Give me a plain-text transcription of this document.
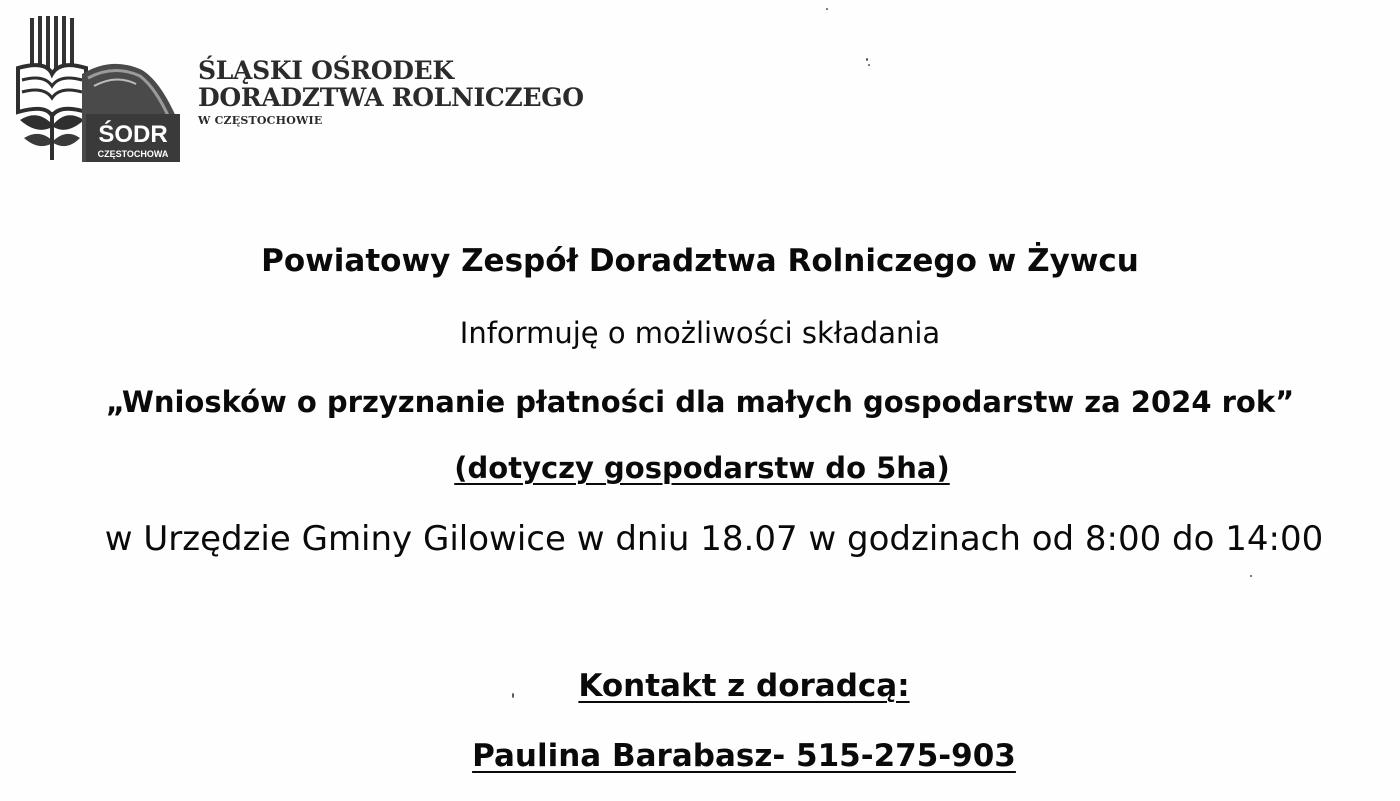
ŚODR
CZĘSTOCHOWA
ŚLĄSKI OŚRODEK
DORADZTWA ROLNICZEGO
W CZĘSTOCHOWIE
Powiatowy Zespół Doradztwa Rolniczego w Żywcu
Informuję o możliwości składania
„Wniosków o przyznanie płatności dla małych gospodarstw za 2024 rok”
(dotyczy gospodarstw do 5ha)
w Urzędzie Gminy Gilowice w dniu 18.07 w godzinach od 8:00 do 14:00
Kontakt z doradcą:
Paulina Barabasz- 515-275-903
